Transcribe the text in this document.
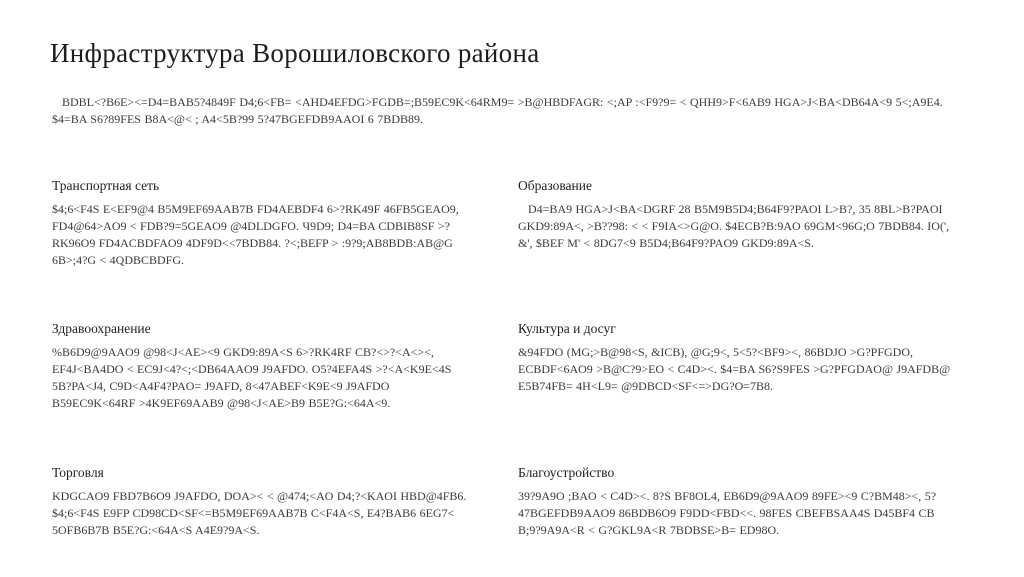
Инфраструктура Ворошиловского района
BDBL<?B6E><=D4=BAB5?4849F D4;6<FB= <AHD4EFDG>FGDB=;B59EC9K<64RM9= >B@HBDFAGR: <;AP :<F9?9= < QHH9>F<6AB9 HGA>J<BA<DB64A<9 5<;A9E4. $4=BA S6?89FES B8A<@< ; A4<5B?99 5?47BGEFDB9AAOI 6 7BDB89.
Транспортная сеть

$4;6<F4S E<EF9@4 B5M9EF69AAB7B FD4AEBDF4 6>?RK49F 46FB5GEAO9, FD4@64>AO9 < FDB?9=5GEAO9 @4DLDGFO. Ч9D9; D4=BA CDBIB8SF >?RK96O9 FD4ACBDFAO9 4DF9D<<7BDB84. ?<;BEFP > :9?9;AB8BDB:AB@G 6B>;4?G < 4QDBCBDFG.

Образование

D4=BA9 HGA>J<BA<DGRF 28 B5M9B5D4;B64F9?PAOI L>B?, 35 8BL>B?PAOI GKD9:89A<, >B??98: < < F9IA<>G@O. $4ECB?B:9AO 69GM<96G;O 7BDB84. IO(', &', $BEF M' < 8DG7<9 B5D4;B64F9?PAO9 GKD9:89A<S.

Здравоохранение

%B6D9@9AAO9 @98<J<AE><9 GKD9:89A<S 6>?RK4RF CB?<>?<A<><, EF4J<BA4DO < EC9J<4?<;<DB64AAO9 J9AFDO. O5?4EFA4S >?<A<K9E<4S 5B?PA<J4, C9D<A4F4?PAO= J9AFD, 8<47ABEF<K9E<9 J9AFDO B59EC9K<64RF >4K9EF69AAB9 @98<J<AE>B9 B5E?G:<64A<9.

Культура и досуг

&94FDO (MG;>B@98<S, &ICB), @G;9<, 5<5?<BF9><, 86BDJO >G?PFGDO, ECBDF<6AO9 >B@C?9>EO < C4D><. $4=BA S6?S9FES >G?PFGDAO@ J9AFDB@ E5B74FB= 4H<L9= @9DBCD<SF<=>DG?O=7B8.

Торговля

KDGCAO9 FBD7B6O9 J9AFDO, DOA>< < @474;<AO D4;?<KAOI HBD@4FB6. $4;6<F4S E9FP CD98CD<SF<=B5M9EF69AAB7B C<F4A<S, E4?BAB6 6EG7< 5OFB6B7B B5E?G:<64A<S A4E9?9A<S.

Благоустройство

39?9A9O ;BAO < C4D><. 8?S BF8OL4, EB6D9@9AAO9 89FE><9 C?BM48><, 5?47BGEFDB9AAO9 86BDB6O9 F9DD<FBD<<. 98FES CBEFBSAA4S D45BF4 CB B;9?9A9A<R < G?GKL9A<R 7BDBSE>B= ED98O.
